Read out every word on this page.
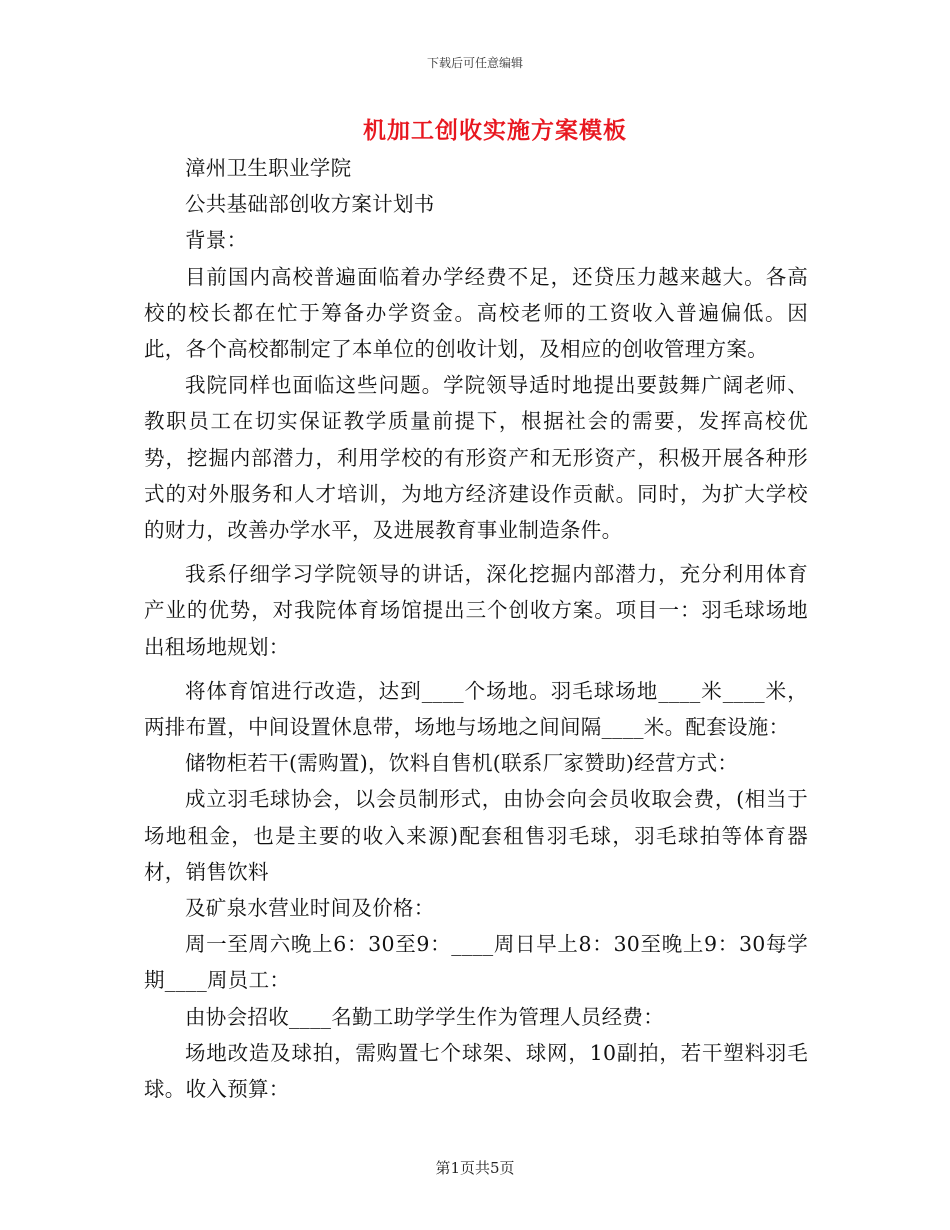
下载后可任意编辑
机加工创收实施方案模板

漳州卫生职业学院

公共基础部创收方案计划书

背景：

目前国内高校普遍面临着办学经费不足，还贷压力越来越大。各高校的校长都在忙于筹备办学资金。高校老师的工资收入普遍偏低。因此，各个高校都制定了本单位的创收计划，及相应的创收管理方案。

我院同样也面临这些问题。学院领导适时地提出要鼓舞广阔老师、教职员工在切实保证教学质量前提下，根据社会的需要，发挥高校优势，挖掘内部潜力，利用学校的有形资产和无形资产，积极开展各种形式的对外服务和人才培训，为地方经济建设作贡献。同时，为扩大学校的财力，改善办学水平，及进展教育事业制造条件。

我系仔细学习学院领导的讲话，深化挖掘内部潜力，充分利用体育产业的优势，对我院体育场馆提出三个创收方案。项目一：羽毛球场地出租场地规划：

将体育馆进行改造，达到____个场地。羽毛球场地____米____米，两排布置，中间设置休息带，场地与场地之间间隔____米。配套设施：

储物柜若干(需购置)，饮料自售机(联系厂家赞助)经营方式：

成立羽毛球协会，以会员制形式，由协会向会员收取会费，(相当于场地租金，也是主要的收入来源)配套租售羽毛球，羽毛球拍等体育器材，销售饮料

及矿泉水营业时间及价格：

周一至周六晚上6：30至9：____周日早上8：30至晚上9：30每学期____周员工：

由协会招收____名勤工助学学生作为管理人员经费：

场地改造及球拍，需购置七个球架、球网，10副拍，若干塑料羽毛球。收入预算：

第1页共5页
